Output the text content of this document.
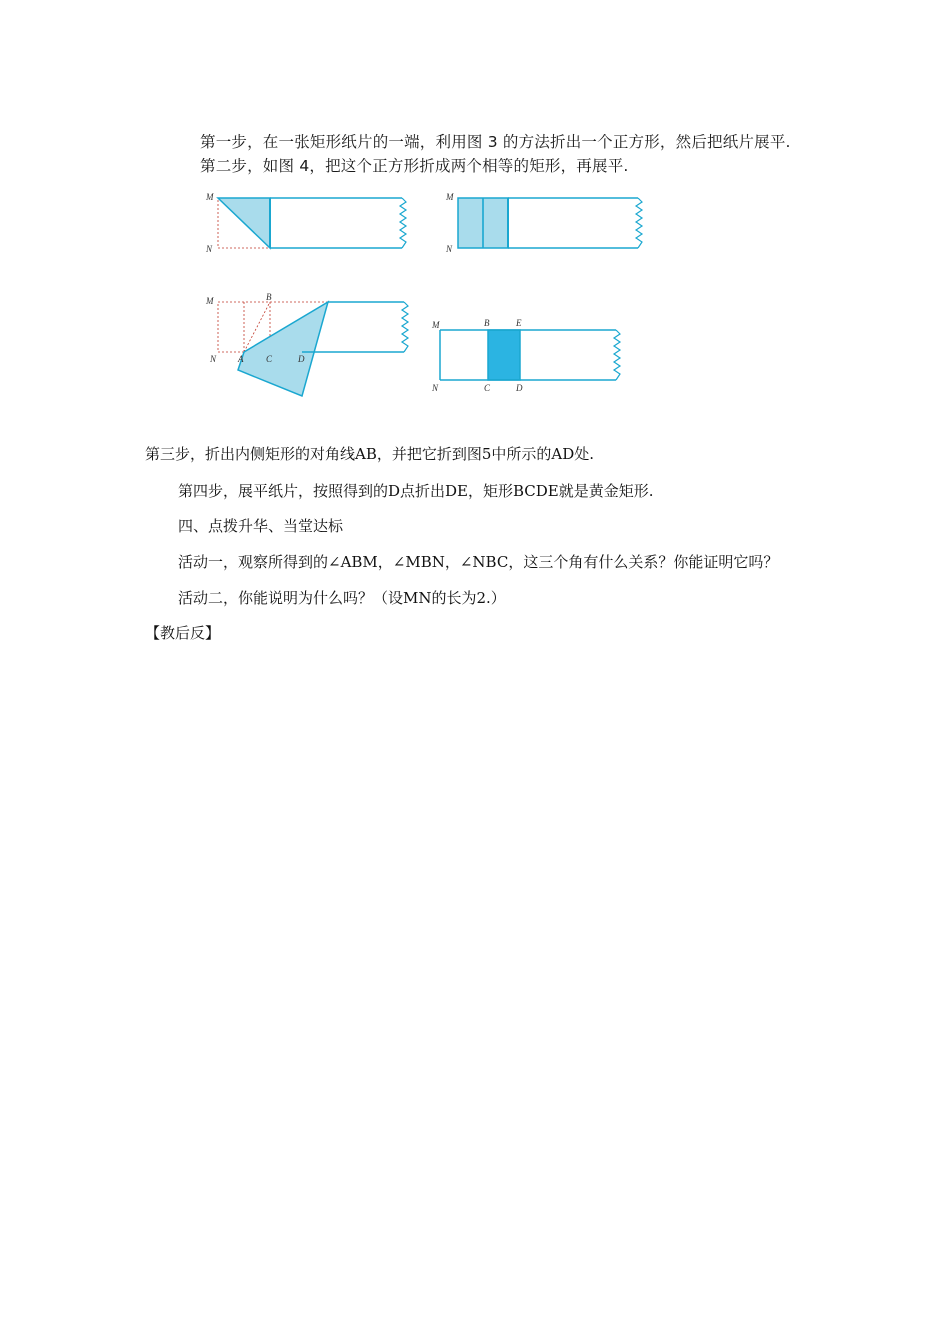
第一步，在一张矩形纸片的一端，利用图 3 的方法折出一个正方形，然后把纸片展平.
第二步，如图 4，把这个正方形折成两个相等的矩形，再展平.
M
N
M
N
M	B
N A	C	D
M	B	E
N	C	D
第三步，折出内侧矩形的对角线AB，并把它折到图5中所示的AD处.
第四步，展平纸片，按照得到的D点折出DE，矩形BCDE就是黄金矩形.
四、点拨升华、当堂达标
活动一，观察所得到的∠ABM，∠MBN，∠NBC，这三个角有什么关系？你能证明它吗？
活动二，你能说明为什么吗？（设MN的长为2.）
【教后反】
